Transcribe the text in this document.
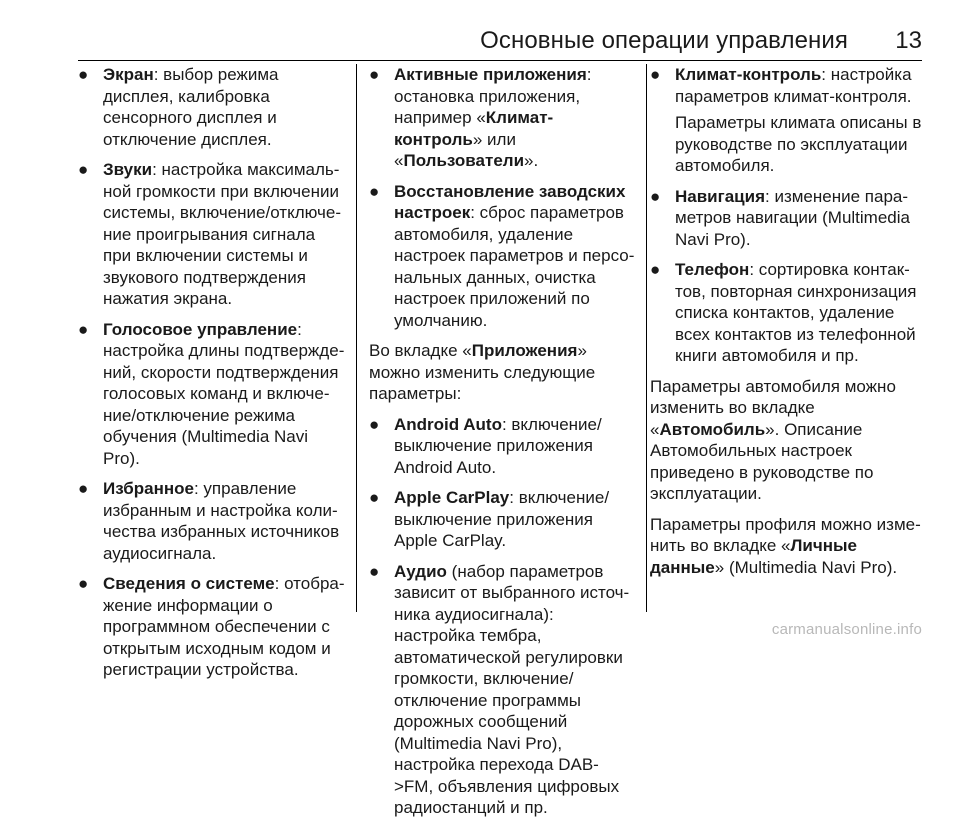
Основные операции управления 13
● Экран: выбор режима дисплея, калибровка сенсорного дисплея и отключение дисплея.
● Звуки: настройка максимальной громкости при включении системы, включение/отключение проигрывания сигнала при включении системы и звукового подтверждения нажатия экрана.
● Голосовое управление: настройка длины подтверждений, скорости подтверждения голосовых команд и включение/отключение режима обучения (Multimedia Navi Pro).
● Избранное: управление избранным и настройка количества избранных источников аудиосигнала.
● Сведения о системе: отображение информации о программном обеспечении с открытым исходным кодом и регистрации устройства.
● Активные приложения: остановка приложения, например «Климат-контроль» или «Пользователи».
● Восстановление заводских настроек: сброс параметров автомобиля, удаление настроек параметров и персональных данных, очистка настроек приложений по умолчанию.
Во вкладке «Приложения» можно изменить следующие параметры:
● Android Auto: включение/выключение приложения Android Auto.
● Apple CarPlay: включение/выключение приложения Apple CarPlay.
● Аудио (набор параметров зависит от выбранного источника аудиосигнала): настройка тембра, автоматической регулировки громкости, включение/отключение программы дорожных сообщений (Multimedia Navi Pro), настройка перехода DAB->FM, объявления цифровых радиостанций и пр.
● Климат-контроль: настройка параметров климат-контроля.
Параметры климата описаны в руководстве по эксплуатации автомобиля.
● Навигация: изменение параметров навигации (Multimedia Navi Pro).
● Телефон: сортировка контактов, повторная синхронизация списка контактов, удаление всех контактов из телефонной книги автомобиля и пр.
Параметры автомобиля можно изменить во вкладке «Автомобиль». Описание Автомобильных настроек приведено в руководстве по эксплуатации.
Параметры профиля можно изменить во вкладке «Личные данные» (Multimedia Navi Pro).
carmanualsonline.info
